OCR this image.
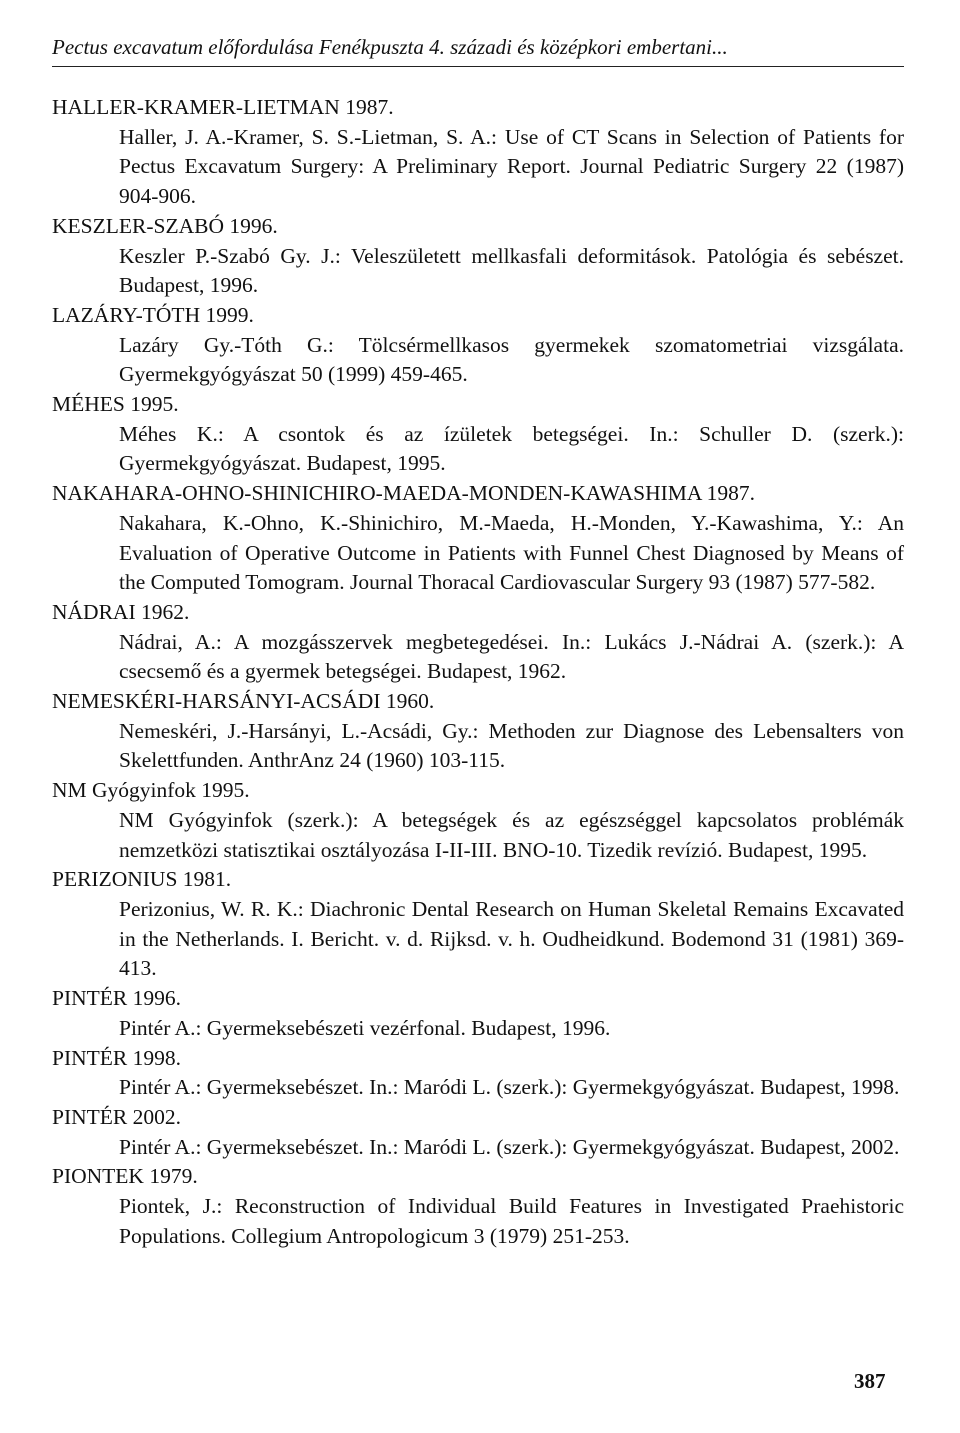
Pectus excavatum előfordulása Fenékpuszta 4. századi és középkori embertani...
HALLER-KRAMER-LIETMAN 1987.
Haller, J. A.-Kramer, S. S.-Lietman, S. A.: Use of CT Scans in Selection of Patients for Pectus Excavatum Surgery: A Preliminary Report. Journal Pediatric Surgery 22 (1987) 904-906.
KESZLER-SZABÓ 1996.
Keszler P.-Szabó Gy. J.: Veleszületett mellkasfali deformitások. Patológia és sebészet. Budapest, 1996.
LAZÁRY-TÓTH 1999.
Lazáry Gy.-Tóth G.: Tölcsérmellkasos gyermekek szomatometriai vizsgálata. Gyermekgyógyászat 50 (1999) 459-465.
MÉHES 1995.
Méhes K.: A csontok és az ízületek betegségei. In.: Schuller D. (szerk.): Gyermekgyógyászat. Budapest, 1995.
NAKAHARA-OHNO-SHINICHIRO-MAEDA-MONDEN-KAWASHIMA 1987.
Nakahara, K.-Ohno, K.-Shinichiro, M.-Maeda, H.-Monden, Y.-Kawashima, Y.: An Evaluation of Operative Outcome in Patients with Funnel Chest Diagnosed by Means of the Computed Tomogram. Journal Thoracal Cardiovascular Surgery 93 (1987) 577-582.
NÁDRAI 1962.
Nádrai, A.: A mozgásszervek megbetegedései. In.: Lukács J.-Nádrai A. (szerk.): A csecsemő és a gyermek betegségei. Budapest, 1962.
NEMESKÉRI-HARSÁNYI-ACSÁDI 1960.
Nemeskéri, J.-Harsányi, L.-Acsádi, Gy.: Methoden zur Diagnose des Lebensalters von Skelettfunden. AnthrAnz 24 (1960) 103-115.
NM Gyógyinfok 1995.
NM Gyógyinfok (szerk.): A betegségek és az egészséggel kapcsolatos problémák nemzetközi statisztikai osztályozása I-II-III. BNO-10. Tizedik revízió. Budapest, 1995.
PERIZONIUS 1981.
Perizonius, W. R. K.: Diachronic Dental Research on Human Skeletal Remains Excavated in the Netherlands. I. Bericht. v. d. Rijksd. v. h. Oudheidkund. Bodemond 31 (1981) 369-413.
PINTÉR 1996.
Pintér A.: Gyermeksebészeti vezérfonal. Budapest, 1996.
PINTÉR 1998.
Pintér A.: Gyermeksebészet. In.: Maródi L. (szerk.): Gyermekgyógyászat. Budapest, 1998.
PINTÉR 2002.
Pintér A.: Gyermeksebészet. In.: Maródi L. (szerk.): Gyermekgyógyászat. Budapest, 2002.
PIONTEK 1979.
Piontek, J.: Reconstruction of Individual Build Features in Investigated Praehistoric Populations. Collegium Antropologicum 3 (1979) 251-253.
387
